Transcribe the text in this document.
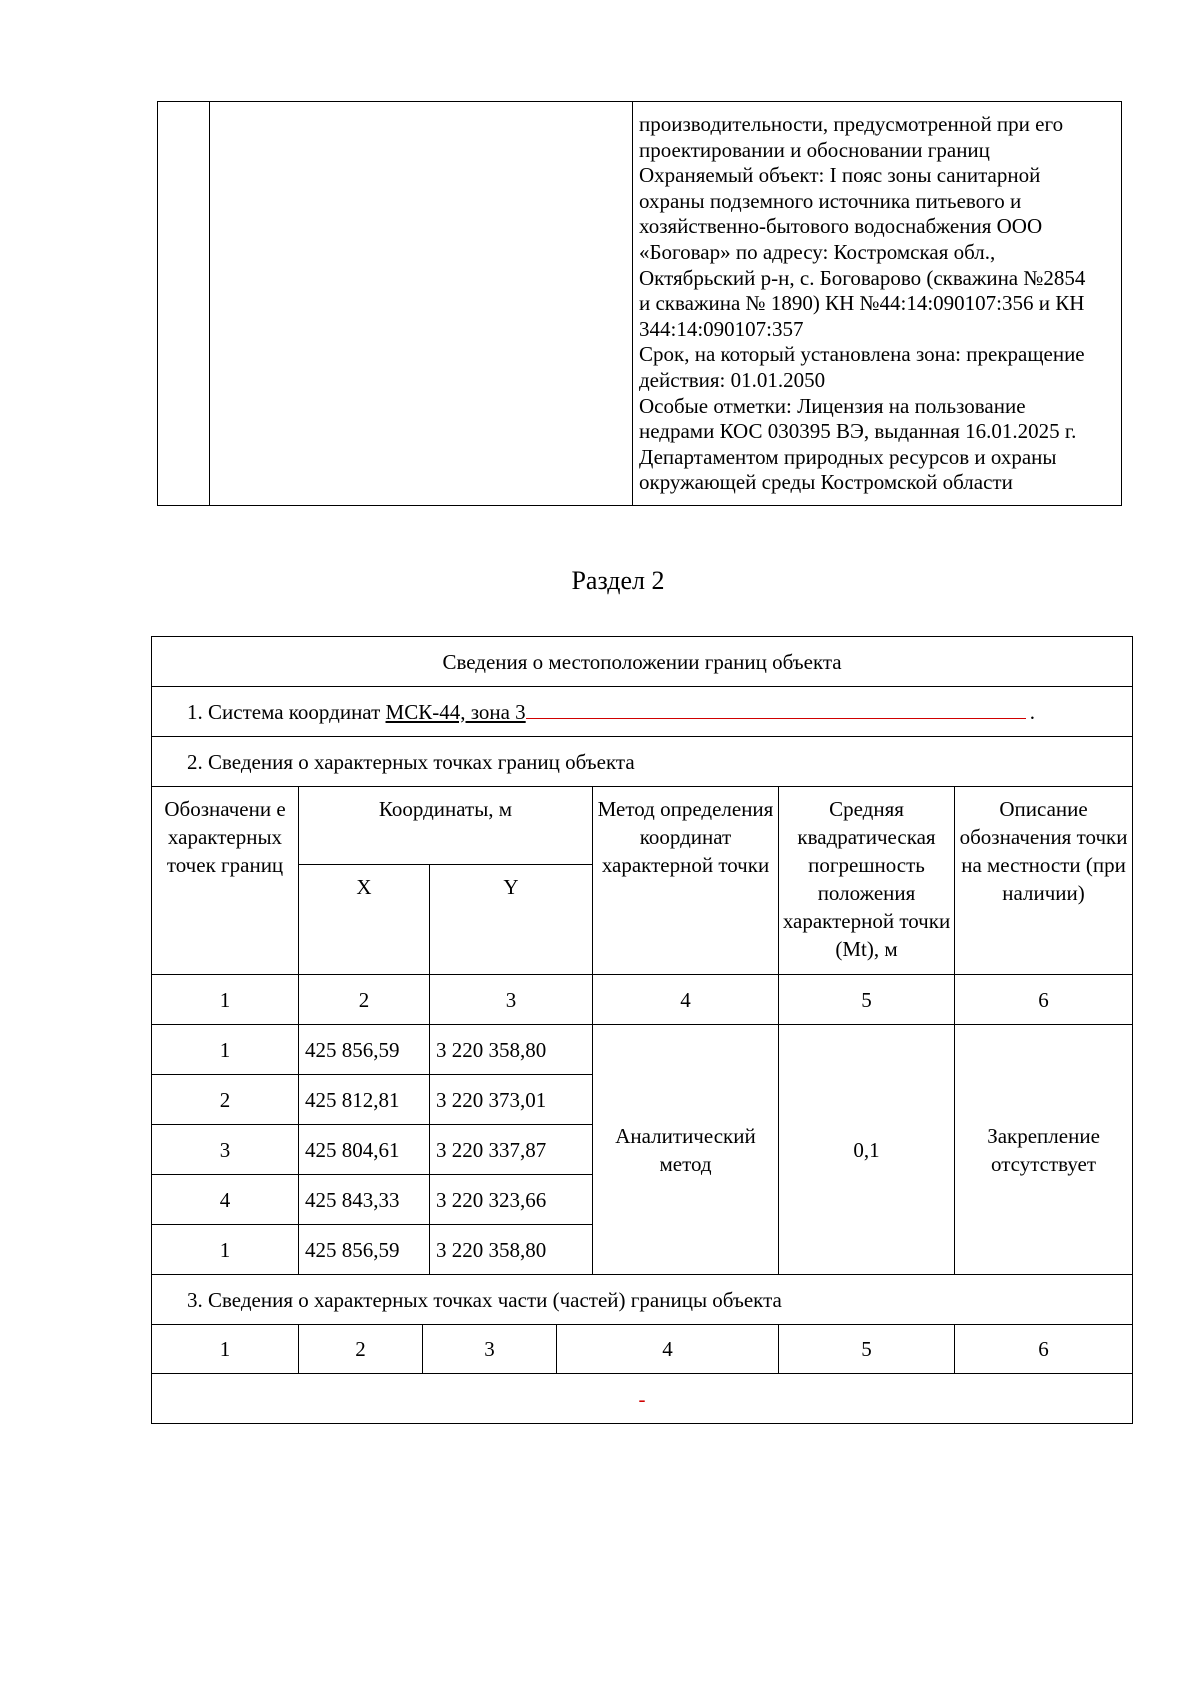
производительности, предусмотренной при его
проектировании и обосновании границ
Охраняемый объект: I пояс зоны санитарной
охраны подземного источника питьевого и
хозяйственно-бытового водоснабжения ООО
«Боговар» по адресу: Костромская обл.,
Октябрьский р-н, с. Боговарово (скважина №2854
и скважина № 1890) КН №44:14:090107:356 и КН
344:14:090107:357
Срок, на который установлена зона: прекращение
действия: 01.01.2050
Особые отметки: Лицензия на пользование
недрами КОС 030395 ВЭ, выданная 16.01.2025 г.
Департаментом природных ресурсов и охраны
окружающей среды Костромской области
Раздел 2
Сведения о местоположении границ объекта							
1. Система координат МСК-44, зона 3 .							
2. Сведения о характерных точках границ объекта							
Обозначени е характерных точек границ	Координаты, м				Метод определения координат характерной точки	Средняя квадратическая погрешность положения характерной точки (Mt), м	Описание обозначения точки на местности (при наличии)
	X		Y				
1	2		3		4	5	6
1	425 856,59		3 220 358,80		Аналитический метод	0,1	Закрепление отсутствует
2	425 812,81		3 220 373,01				
3	425 804,61		3 220 337,87				
4	425 843,33		3 220 323,66				
1	425 856,59		3 220 358,80				
3. Сведения о характерных точках части (частей) границы объекта							
1	2	3		4		5	6
-							
